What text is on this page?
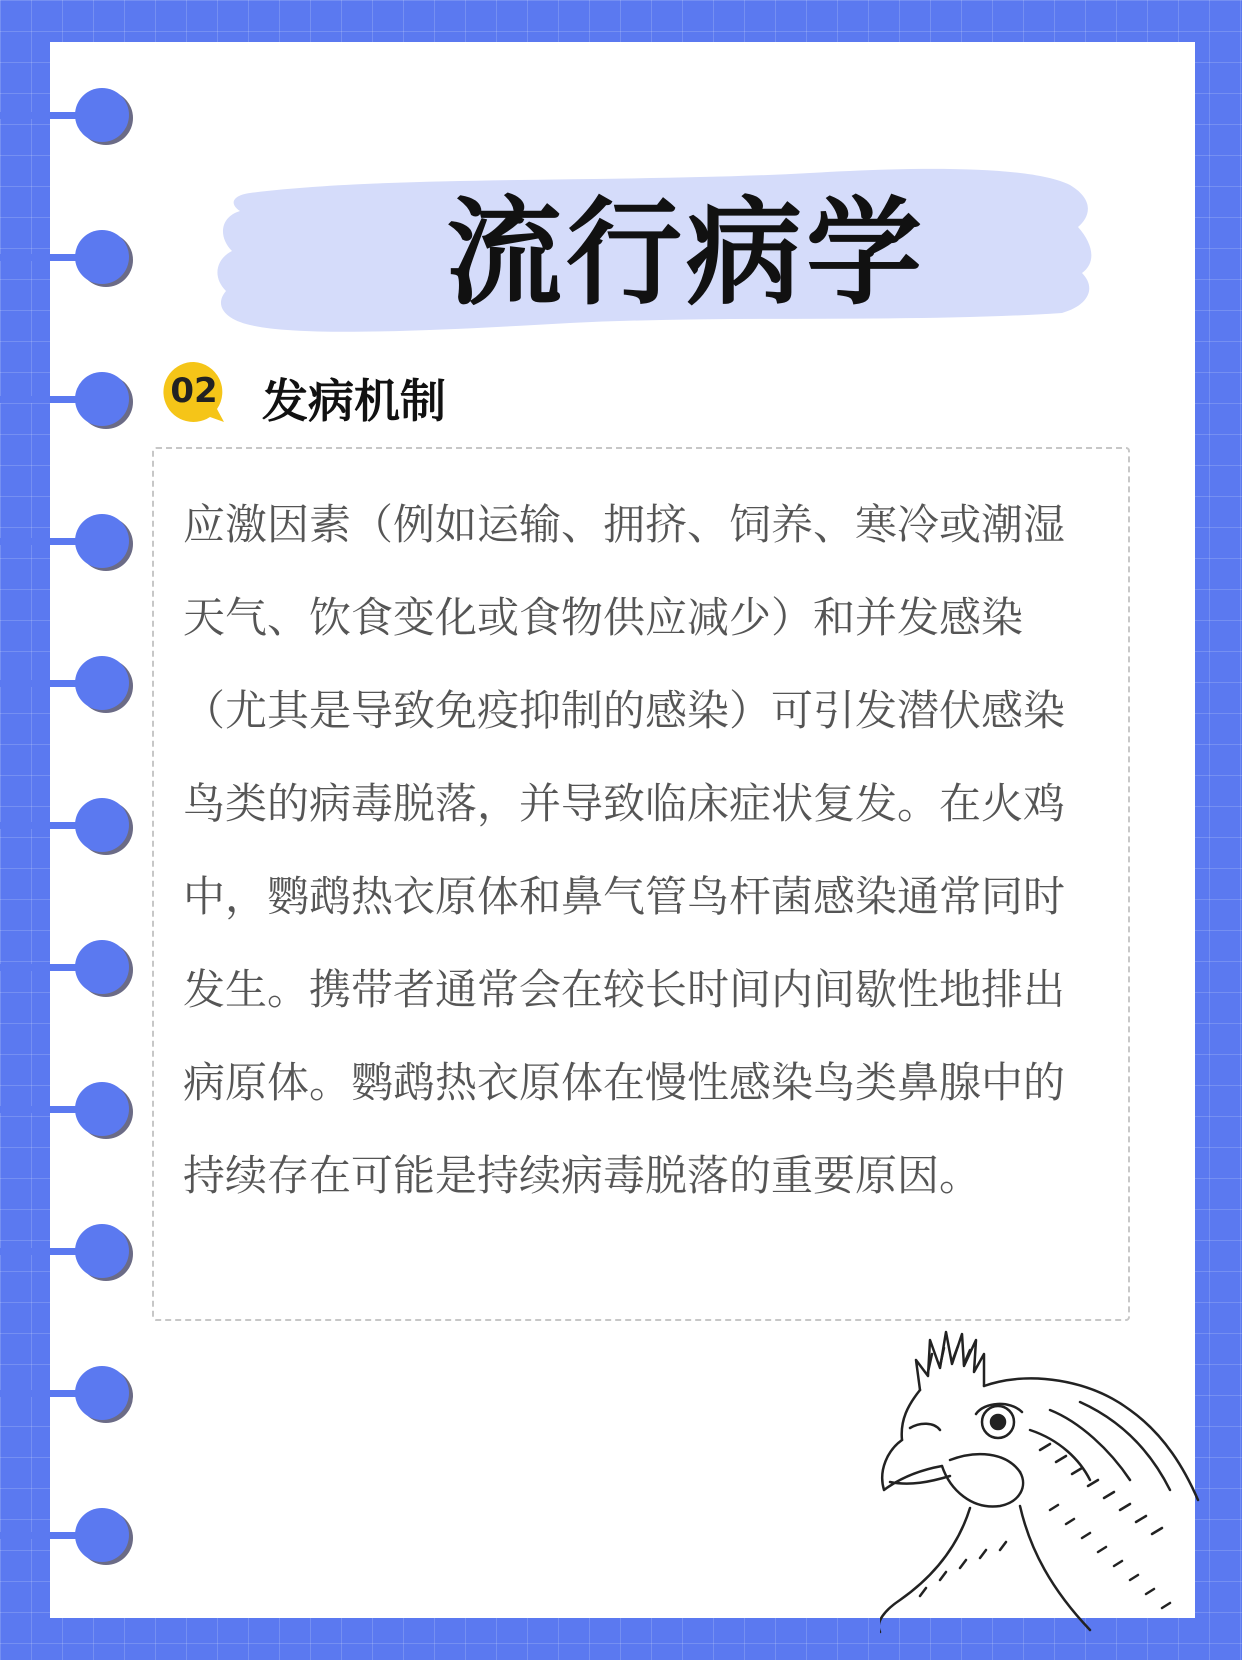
流行病学
02 发病机制

应激因素（例如运输、拥挤、饲养、寒冷或潮湿天气、饮食变化或食物供应减少）和并发感染（尤其是导致免疫抑制的感染）可引发潜伏感染鸟类的病毒脱落，并导致临床症状复发。在火鸡中，鹦鹉热衣原体和鼻气管鸟杆菌感染通常同时发生。携带者通常会在较长时间内间歇性地排出病原体。鹦鹉热衣原体在慢性感染鸟类鼻腺中的持续存在可能是持续病毒脱落的重要原因。
